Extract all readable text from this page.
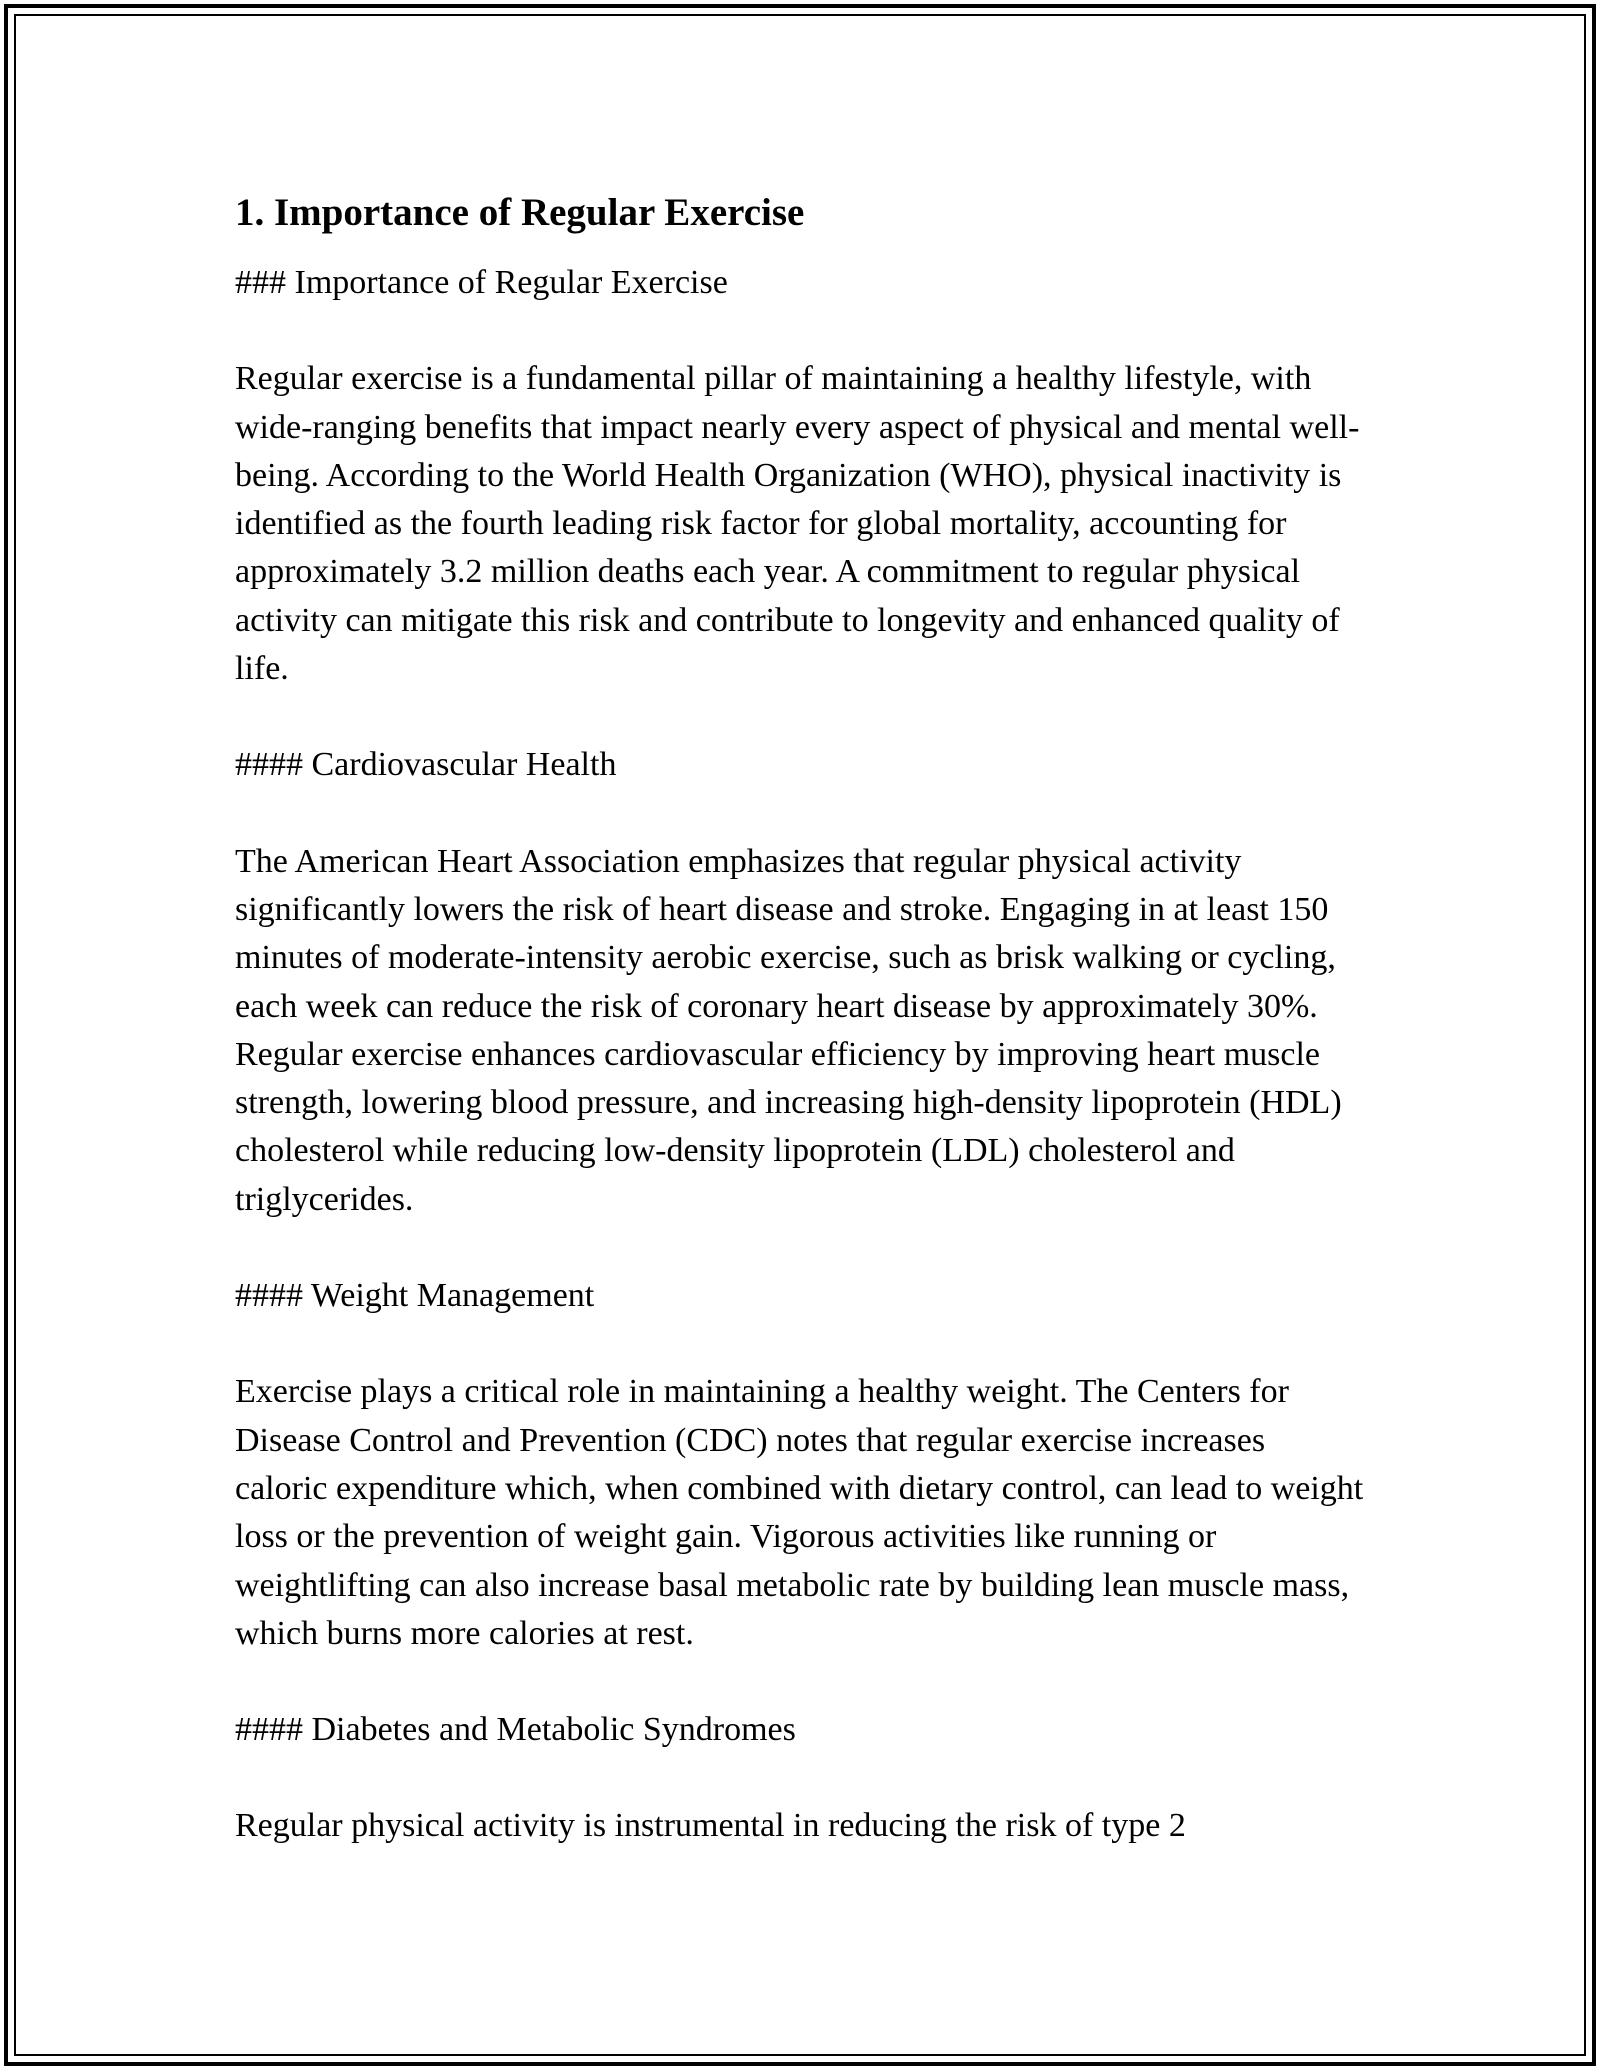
1. Importance of Regular Exercise

### Importance of Regular Exercise

Regular exercise is a fundamental pillar of maintaining a healthy lifestyle, with wide-ranging benefits that impact nearly every aspect of physical and mental well-being. According to the World Health Organization (WHO), physical inactivity is identified as the fourth leading risk factor for global mortality, accounting for approximately 3.2 million deaths each year. A commitment to regular physical activity can mitigate this risk and contribute to longevity and enhanced quality of life.

#### Cardiovascular Health

The American Heart Association emphasizes that regular physical activity significantly lowers the risk of heart disease and stroke. Engaging in at least 150 minutes of moderate-intensity aerobic exercise, such as brisk walking or cycling, each week can reduce the risk of coronary heart disease by approximately 30%. Regular exercise enhances cardiovascular efficiency by improving heart muscle strength, lowering blood pressure, and increasing high-density lipoprotein (HDL) cholesterol while reducing low-density lipoprotein (LDL) cholesterol and triglycerides.

#### Weight Management

Exercise plays a critical role in maintaining a healthy weight. The Centers for Disease Control and Prevention (CDC) notes that regular exercise increases caloric expenditure which, when combined with dietary control, can lead to weight loss or the prevention of weight gain. Vigorous activities like running or weightlifting can also increase basal metabolic rate by building lean muscle mass, which burns more calories at rest.

#### Diabetes and Metabolic Syndromes

Regular physical activity is instrumental in reducing the risk of type 2
